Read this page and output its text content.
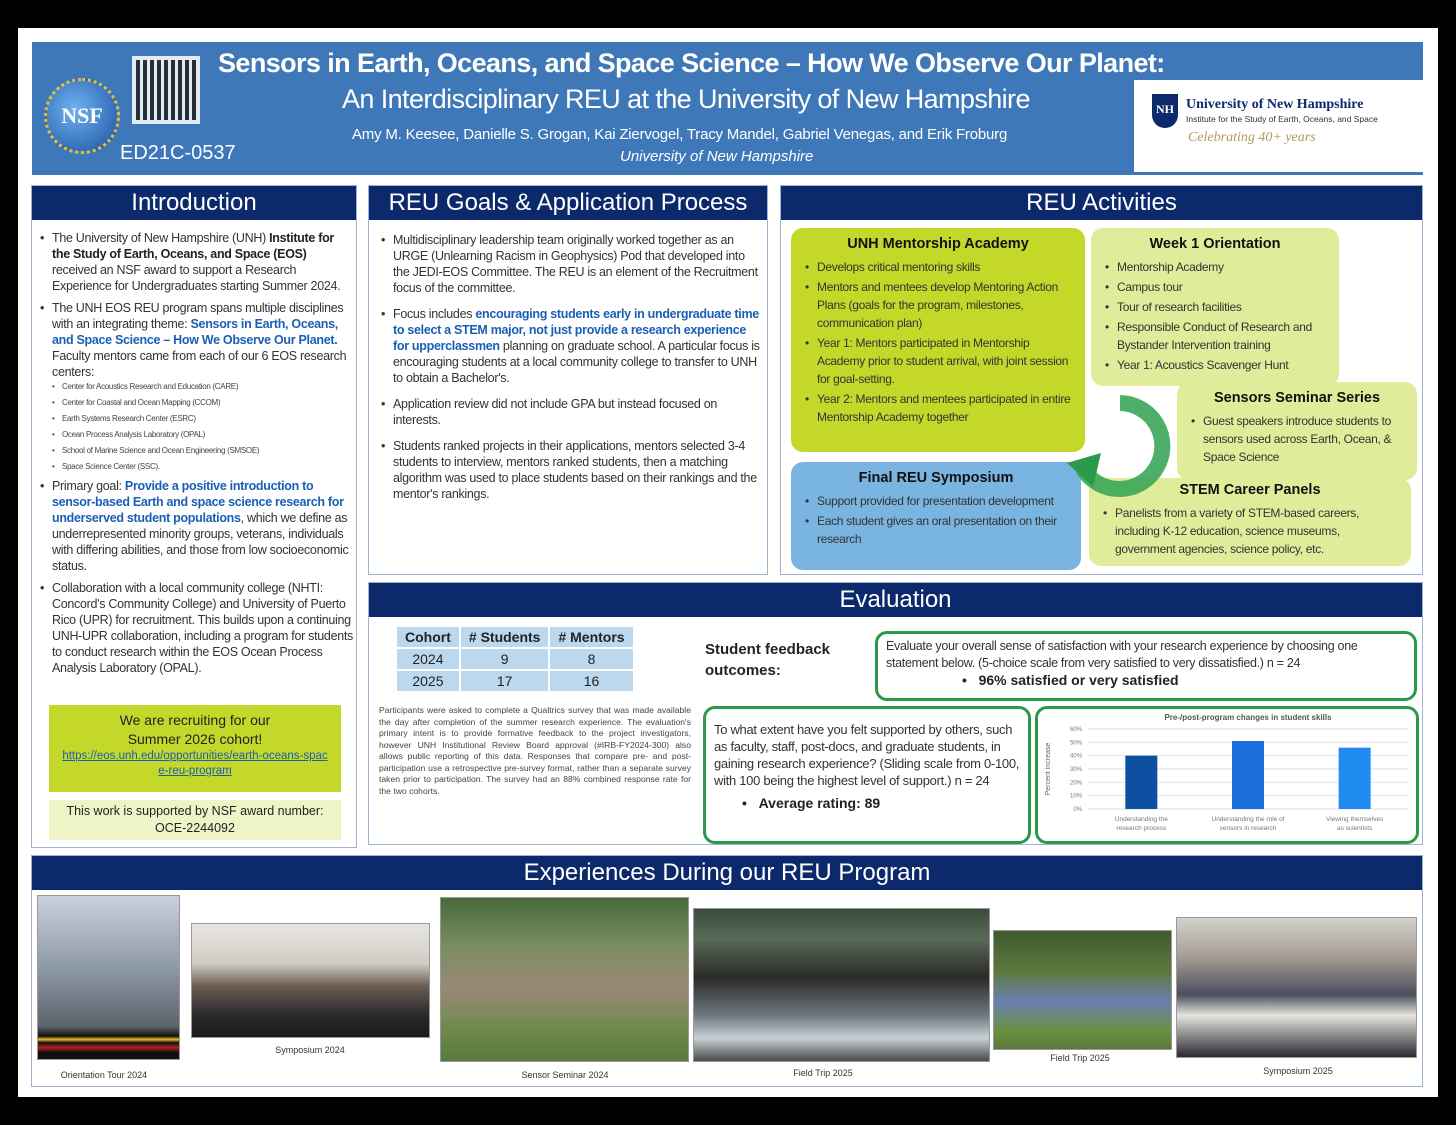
NSF
ED21C-0537
Sensors in Earth, Oceans, and Space Science – How We Observe Our Planet:
An Interdisciplinary REU at the University of New Hampshire
Amy M. Keesee, Danielle S. Grogan, Kai Ziervogel, Tracy Mandel, Gabriel Venegas, and Erik Froburg
University of New Hampshire
NH University of New Hampshire
Institute for the Study of Earth, Oceans, and Space
Celebrating 40+ years
Introduction
• The University of New Hampshire (UNH) Institute for the Study of Earth, Oceans, and Space (EOS) received an NSF award to support a Research Experience for Undergraduates starting Summer 2024.
• The UNH EOS REU program spans multiple disciplines with an integrating theme: Sensors in Earth, Oceans, and Space Science – How We Observe Our Planet. Faculty mentors came from each of our 6 EOS research centers:
• Center for Acoustics Research and Education (CARE)
• Center for Coastal and Ocean Mapping (CCOM)
• Earth Systems Research Center (ESRC)
• Ocean Process Analysis Laboratory (OPAL)
• School of Marine Science and Ocean Engineering (SMSOE)
• Space Science Center (SSC).
• Primary goal: Provide a positive introduction to sensor-based Earth and space science research for underserved student populations, which we define as underrepresented minority groups, veterans, individuals with differing abilities, and those from low socioeconomic status.
• Collaboration with a local community college (NHTI: Concord's Community College) and University of Puerto Rico (UPR) for recruitment. This builds upon a continuing UNH-UPR collaboration, including a program for students to conduct research within the EOS Ocean Process Analysis Laboratory (OPAL).
We are recruiting for our
Summer 2026 cohort!
https://eos.unh.edu/opportunities/earth-oceans-space-reu-program
This work is supported by NSF award number:
OCE-2244092
REU Goals & Application Process
• Multidisciplinary leadership team originally worked together as an URGE (Unlearning Racism in Geophysics) Pod that developed into the JEDI-EOS Committee. The REU is an element of the Recruitment focus of the committee.
• Focus includes encouraging students early in undergraduate time to select a STEM major, not just provide a research experience for upperclassmen planning on graduate school. A particular focus is encouraging students at a local community college to transfer to UNH to obtain a Bachelor's.
• Application review did not include GPA but instead focused on interests.
• Students ranked projects in their applications, mentors selected 3-4 students to interview, mentors ranked students, then a matching algorithm was used to place students based on their rankings and the mentor's rankings.
REU Activities
UNH Mentorship Academy
• Develops critical mentoring skills
• Mentors and mentees develop Mentoring Action Plans (goals for the program, milestones, communication plan)
• Year 1: Mentors participated in Mentorship Academy prior to student arrival, with joint session for goal-setting.
• Year 2: Mentors and mentees participated in entire Mentorship Academy together
Week 1 Orientation
• Mentorship Academy
• Campus tour
• Tour of research facilities
• Responsible Conduct of Research and Bystander Intervention training
• Year 1: Acoustics Scavenger Hunt
Sensors Seminar Series
• Guest speakers introduce students to sensors used across Earth, Ocean, & Space Science
STEM Career Panels
• Panelists from a variety of STEM-based careers, including K-12 education, science museums, government agencies, science policy, etc.
Final REU Symposium
• Support provided for presentation development
• Each student gives an oral presentation on their research
Evaluation
Cohort	# Students	# Mentors
2024	9	8
2025	17	16
Participants were asked to complete a Qualtrics survey that was made available the day after completion of the summer research experience. The evaluation's primary intent is to provide formative feedback to the project investigators, however UNH Institutional Review Board approval (#IRB-FY2024-300) also allows public reporting of this data. Responses that compare pre- and post-participation use a retrospective pre-survey format, rather than a separate survey taken prior to participation. The survey had an 88% combined response rate for the two cohorts.
Student feedback outcomes:
Evaluate your overall sense of satisfaction with your research experience by choosing one statement below. (5-choice scale from very satisfied to very dissatisfied.) n = 24
•   96% satisfied or very satisfied
To what extent have you felt supported by others, such as faculty, staff, post-docs, and graduate students, in gaining research experience? (Sliding scale from 0-100, with 100 being the highest level of support.) n = 24
•   Average rating: 89
Pre-/post-program changes in student skills
Percent increase
0%
10%
20%
30%
40%
50%
60%
Understanding the research process
Understanding the role of sensors in research
Viewing themselves as scientists
Experiences During our REU Program
Orientation Tour 2024
Symposium 2024
Sensor Seminar 2024	Field Trip 2025
Field Trip 2025
Symposium 2025
